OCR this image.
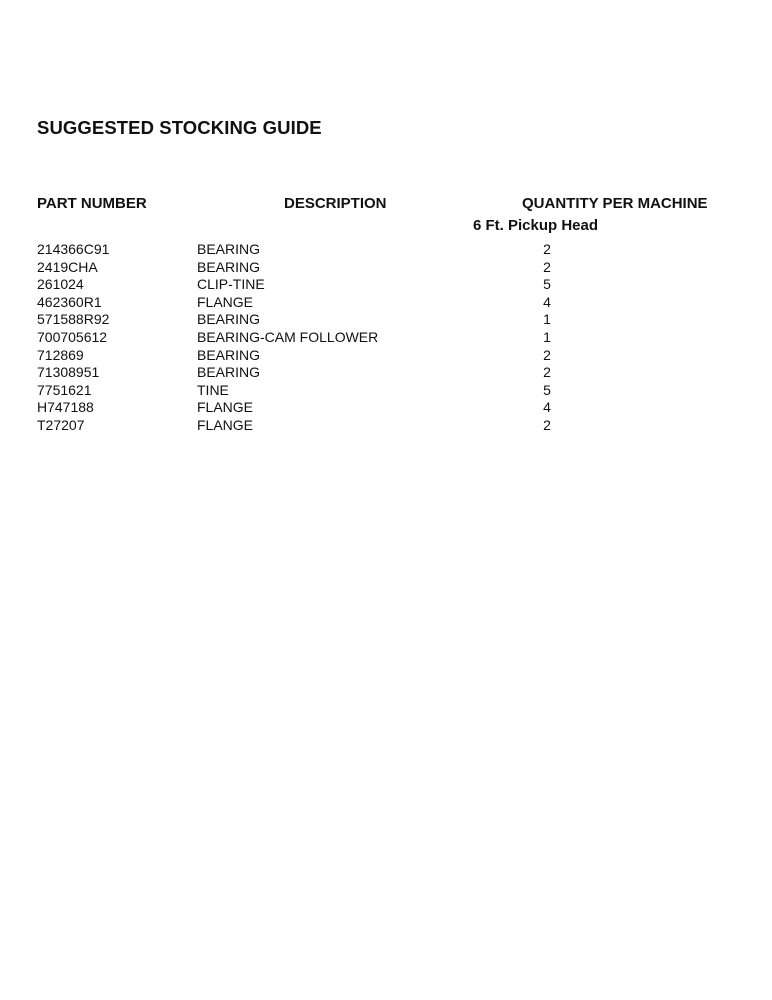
SUGGESTED STOCKING GUIDE
PART NUMBER	DESCRIPTION	QUANTITY PER MACHINE
6 Ft. Pickup Head
214366C91	BEARING	2
2419CHA	BEARING	2
261024	CLIP-TINE	5
462360R1	FLANGE	4
571588R92	BEARING	1
700705612	BEARING-CAM FOLLOWER	1
712869	BEARING	2
71308951	BEARING	2
7751621	TINE	5
H747188	FLANGE	4
T27207	FLANGE	2
